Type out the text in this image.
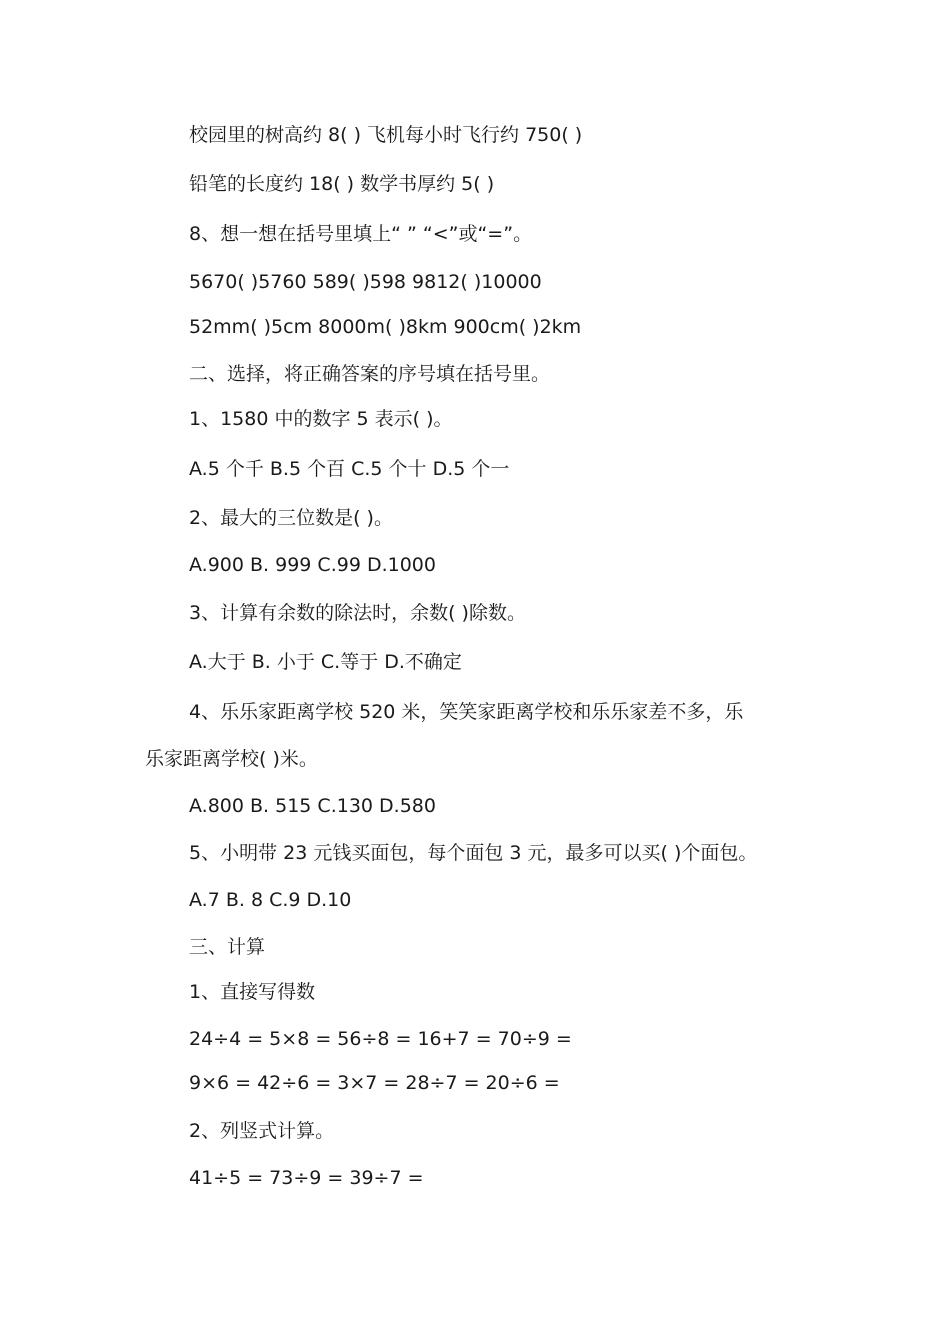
校园里的树高约 8( ) 飞机每小时飞行约 750( )
铅笔的长度约 18( ) 数学书厚约 5( )
8、想一想在括号里填上“ ” “<”或“=”。
5670( )5760 589( )598 9812( )10000
52mm( )5cm 8000m( )8km 900cm( )2km
二、选择，将正确答案的序号填在括号里。
1、1580 中的数字 5 表示( )。
A.5 个千 B.5 个百 C.5 个十 D.5 个一
2、最大的三位数是( )。
A.900 B. 999 C.99 D.1000
3、计算有余数的除法时，余数( )除数。
A.大于 B. 小于 C.等于 D.不确定
4、乐乐家距离学校 520 米，笑笑家距离学校和乐乐家差不多，乐
乐家距离学校( )米。
A.800 B. 515 C.130 D.580
5、小明带 23 元钱买面包，每个面包 3 元，最多可以买( )个面包。
A.7 B. 8 C.9 D.10
三、计算
1、直接写得数
24÷4 = 5×8 = 56÷8 = 16+7 = 70÷9 =
9×6 = 42÷6 = 3×7 = 28÷7 = 20÷6 =
2、列竖式计算。
41÷5 = 73÷9 = 39÷7 =
